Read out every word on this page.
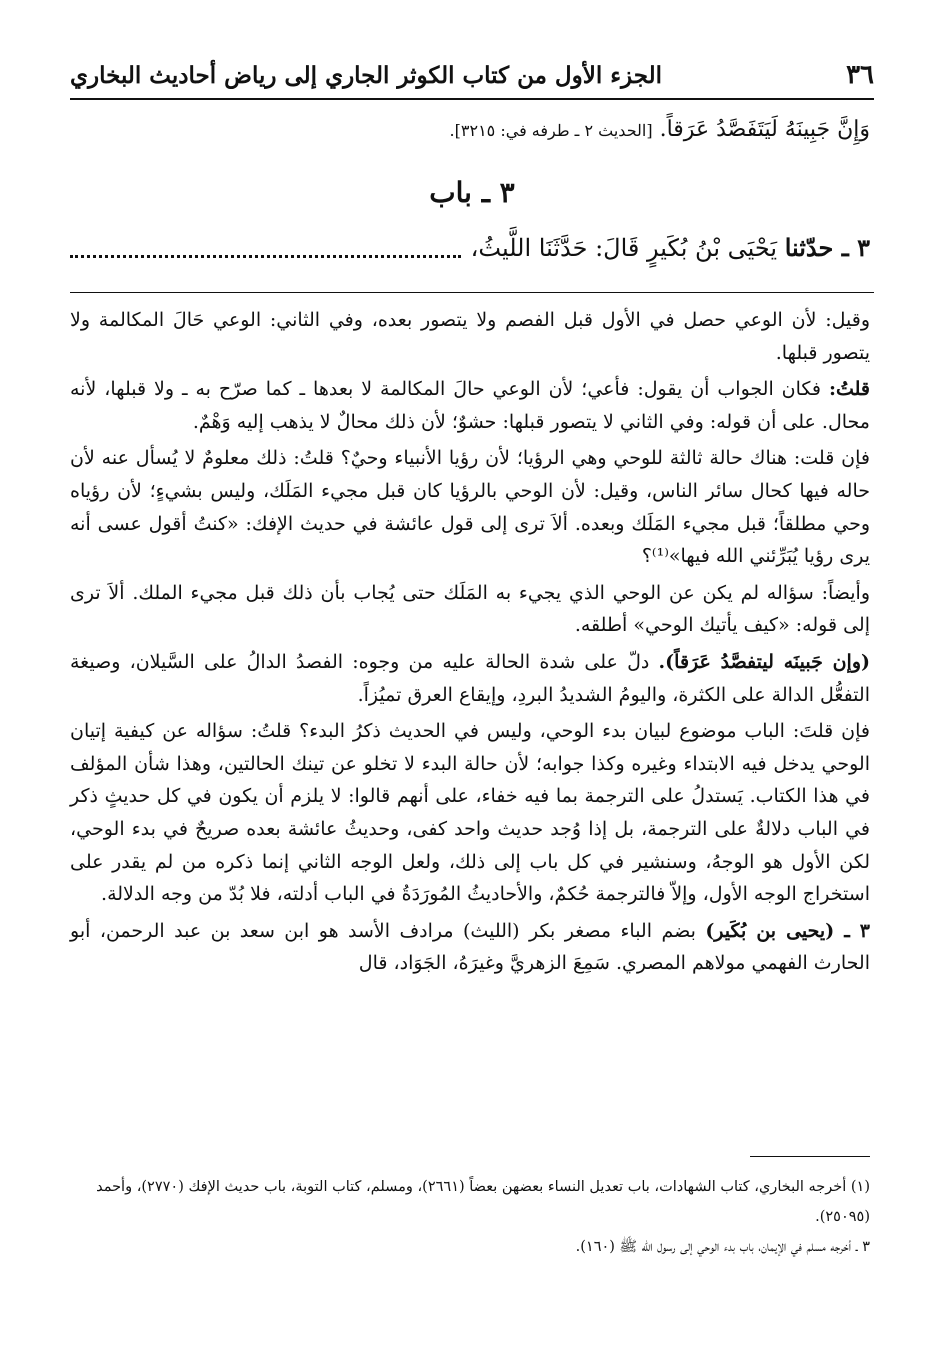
٣٦
الجزء الأول من كتاب الكوثر الجاري إلى رياض أحاديث البخاري
وَإِنَّ جَبِينَهُ لَيَتَفَصَّدُ عَرَقاً. [الحديث ٢ ـ طرفه في: ٣٢١٥].
٣ ـ باب
٣ ـ حدّثنا

يَحْيَى بْنُ بُكَيرٍ قَالَ: حَدَّثَنَا اللَّيثُ،

وقيل: لأن الوعي حصل في الأول قبل الفصم ولا يتصور بعده، وفي الثاني: الوعي حَالَ المكالمة ولا يتصور قبلها.

قلتُ: فكان الجواب أن يقول: فأعي؛ لأن الوعي حالَ المكالمة لا بعدها ـ كما صرّح به ـ ولا قبلها، لأنه محال. على أن قوله: وفي الثاني لا يتصور قبلها: حشوٌ؛ لأن ذلك محالٌ لا يذهب إليه وَهْمٌ.

فإن قلت: هناك حالة ثالثة للوحي وهي الرؤيا؛ لأن رؤيا الأنبياء وحيٌ؟ قلتُ: ذلك معلومٌ لا يُسأل عنه لأن حاله فيها كحال سائر الناس، وقيل: لأن الوحي بالرؤيا كان قبل مجيء المَلَك، وليس بشيءٍ؛ لأن رؤياه وحي مطلقاً؛ قبل مجيء المَلَك وبعده. ألاَ ترى إلى قول عائشة في حديث الإفك: «كنتُ أقول عسى أنه يرى رؤيا يُبَرِّئني الله فيها»⁽¹⁾؟

وأيضاً: سؤاله لم يكن عن الوحي الذي يجيء به المَلَك حتى يُجاب بأن ذلك قبل مجيء الملك. ألاَ ترى إلى قوله: «كيف يأتيك الوحي» أطلقه.

(وإن جَبينَه ليتفصَّدُ عَرَقاً). دلّ على شدة الحالة عليه من وجوه: الفصدُ الدالُ على السَّيلان، وصيغة التفعُّل الدالة على الكثرة، واليومُ الشديدُ البردِ، وإيقاع العرق تميُزاً.

فإن قلتَ: الباب موضوع لبيان بدء الوحي، وليس في الحديث ذكرُ البدء؟ قلتُ: سؤاله عن كيفية إتيان الوحي يدخل فيه الابتداء وغيره وكذا جوابه؛ لأن حالة البدء لا تخلو عن تينك الحالتين، وهذا شأن المؤلف في هذا الكتاب. يَستدلُ على الترجمة بما فيه خفاء، على أنهم قالوا: لا يلزم أن يكون في كل حديثٍ ذكر في الباب دلالةٌ على الترجمة، بل إذا وُجد حديث واحد كفى، وحديثُ عائشة بعده صريحٌ في بدء الوحي، لكن الأول هو الوجهُ، وسنشير في كل باب إلى ذلك، ولعل الوجه الثاني إنما ذكره من لم يقدر على استخراج الوجه الأول، وإلاّ فالترجمة حُكمٌ، والأحاديثُ المُورَدَةُ في الباب أدلته، فلا بُدّ من وجه الدلالة.

٣ ـ (يحيى بن بُكَير) بضم الباء مصغر بكر (الليث) مرادف الأسد هو ابن سعد بن عبد الرحمن، أبو الحارث الفهمي مولاهم المصري. سَمِعَ الزهريَّ وغيرَهُ، الجَوَاد، قال

(١) أخرجه البخاري، كتاب الشهادات، باب تعديل النساء بعضهن بعضاً (٢٦٦١)، ومسلم، كتاب التوبة، باب حديث الإفك (٢٧٧٠)، وأحمد (٢٥٠٩٥).

٣ ـ أخرجه مسلم في الإيمان، باب بدء الوحي إلى رسول الله ﷺ (١٦٠).
